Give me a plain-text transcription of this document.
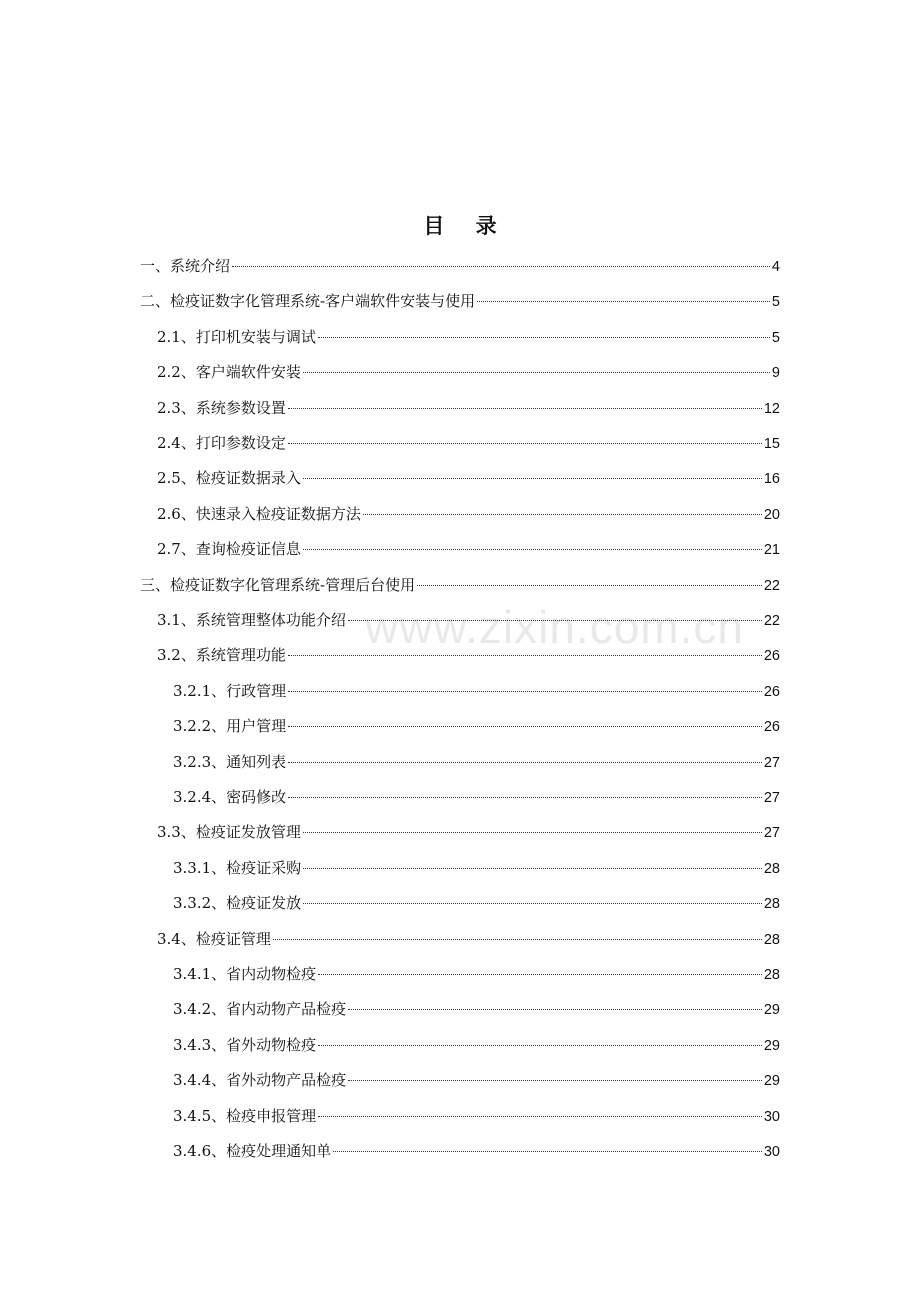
目 录
一、系统介绍	4
二、检疫证数字化管理系统-客户端软件安装与使用	5
2.1、打印机安装与调试	5
2.2、客户端软件安装	9
2.3、系统参数设置	12
2.4、打印参数设定	15
2.5、检疫证数据录入	16
2.6、快速录入检疫证数据方法	20
2.7、查询检疫证信息	21
三、检疫证数字化管理系统-管理后台使用	22
3.1、系统管理整体功能介绍	22
3.2、系统管理功能	26
3.2.1、行政管理	26
3.2.2、用户管理	26
3.2.3、通知列表	27
3.2.4、密码修改	27
3.3、检疫证发放管理	27
3.3.1、检疫证采购	28
3.3.2、检疫证发放	28
3.4、检疫证管理	28
3.4.1、省内动物检疫	28
3.4.2、省内动物产品检疫	29
3.4.3、省外动物检疫	29
3.4.4、省外动物产品检疫	29
3.4.5、检疫申报管理	30
3.4.6、检疫处理通知单	30
www.zixin.com.cn
